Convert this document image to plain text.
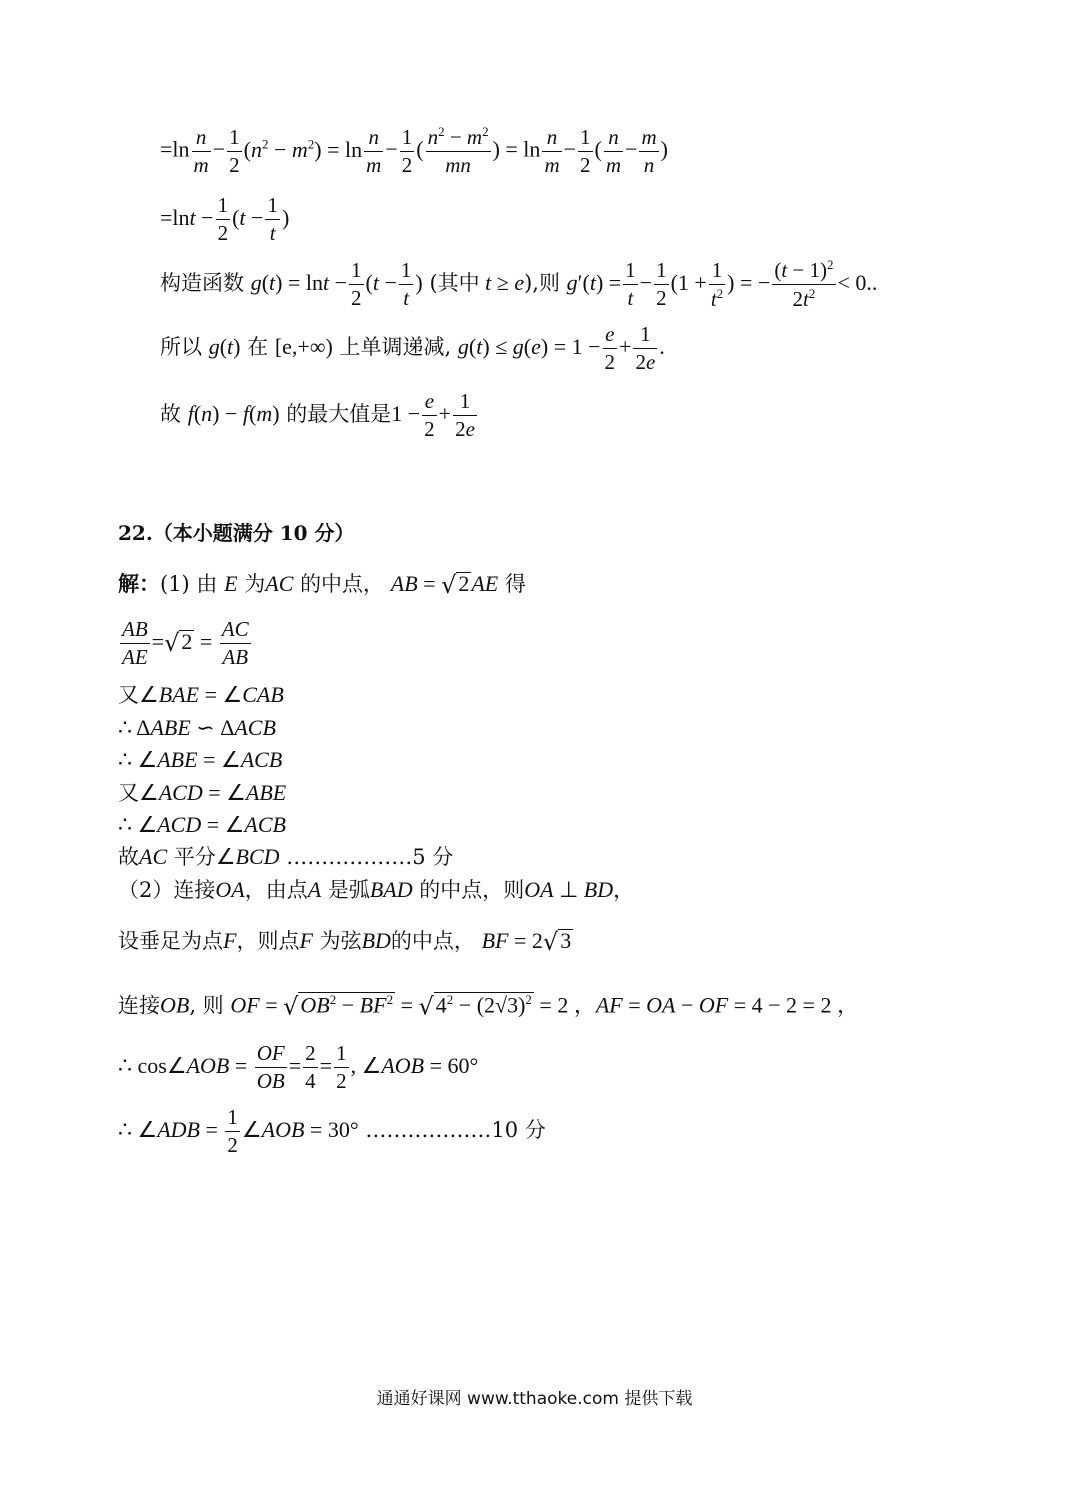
$=\ln \frac{n}{m} - \frac{1}{2} (n^2 - m^2) = \ln \frac{n}{m} - \frac{1}{2}$ ( $\frac{n^2 - m^2}{mn}$ ) = $\ln \frac{n}{m} - \frac{1}{2}$ ( $\frac{n}{m} - \frac{m}{n}$ )
$=\ln t - \frac{1}{2} (t - \frac{1}{t}$ )
构造函数 $g(t) = \ln t - \frac{1}{2} (t - \frac{1}{t}$ ) (其中 t ≥ e),则 $g'(t) = \frac{1}{t} - \frac{1}{2} (1 + \frac{1}{t^2}$ ) = − $\frac{(t - 1)^2}{2t^2} < 0$..
所以 g(t) 在 [e,+∞) 上单调递减, $g(t) \le g(e) = 1 - \frac{e}{2} + \frac{1}{2e}$ .
故 f(n) − f(m) 的最大值是$1 - \frac{e}{2} + \frac{1}{2e}$
22.（本小题满分 10 分）
解：(1) 由 E 为AC 的中点， AB = √2AE 得
$\frac{AB}{AE} =√2 = \frac{AC}{AB}$
又∠BAE = ∠CAB
∴ ΔABE ∽ ΔACB
∴ ∠ABE = ∠ACB
又∠ACD = ∠ABE
∴ ∠ACD = ∠ACB
故AC 平分∠BCD ………………5 分
（2）连接OA，由点A 是弧BAD 的中点，则OA ⊥ BD，
设垂足为点F，则点F 为弦BD的中点， BF = 2√3
连接OB, 则 OF = $√OB^2 - BF^2 = √4^2 - (2√3)^2 = 2$ ，AF = OA − OF = 4 − 2 = 2 ，
∴ cos∠AOB = $\frac{OF}{OB} = \frac{2}{4} = \frac{1}{2}$ , ∠AOB = 60°
∴ ∠ADB = $\frac{1}{2}$ ∠AOB = 30° ………………10 分
通通好课网 www.tthaoke.com 提供下载
